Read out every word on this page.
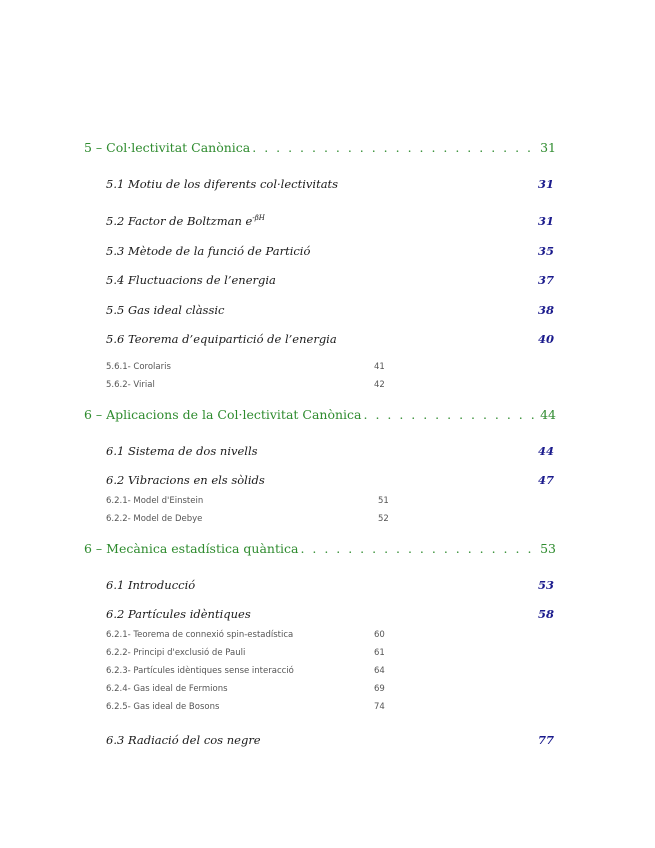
5 – Col·lectivitat Canònica . . .	31
5.1 Motiu de los diferents col·lectivitats	31
5.2 Factor de Boltzman $e^{-\beta H}$	31
5.3 Mètode de la funció de Partició	35
5.4 Fluctuacions de l’energia	37
5.5 Gas ideal clàssic	38
5.6 Teorema d’equipartició de l’energia	40
5.6.1- Corolaris	41
5.6.2- Virial	42
6 – Aplicacions de la Col·lectivitat Canònica . . .	44
6.1 Sistema de dos nivells	44
6.2 Vibracions en els sòlids	47
6.2.1- Model d'Einstein	51
6.2.2- Model de Debye	52
6 – Mecànica estadística quàntica . . .	53
6.1 Introducció	53
6.2 Partícules idèntiques	58
6.2.1- Teorema de connexió spin-estadística	60
6.2.2- Principi d'exclusió de Pauli	61
6.2.3- Partícules idèntiques sense interacció	64
6.2.4- Gas ideal de Fermions	69
6.2.5- Gas ideal de Bosons	74
6.3 Radiació del cos negre	77
